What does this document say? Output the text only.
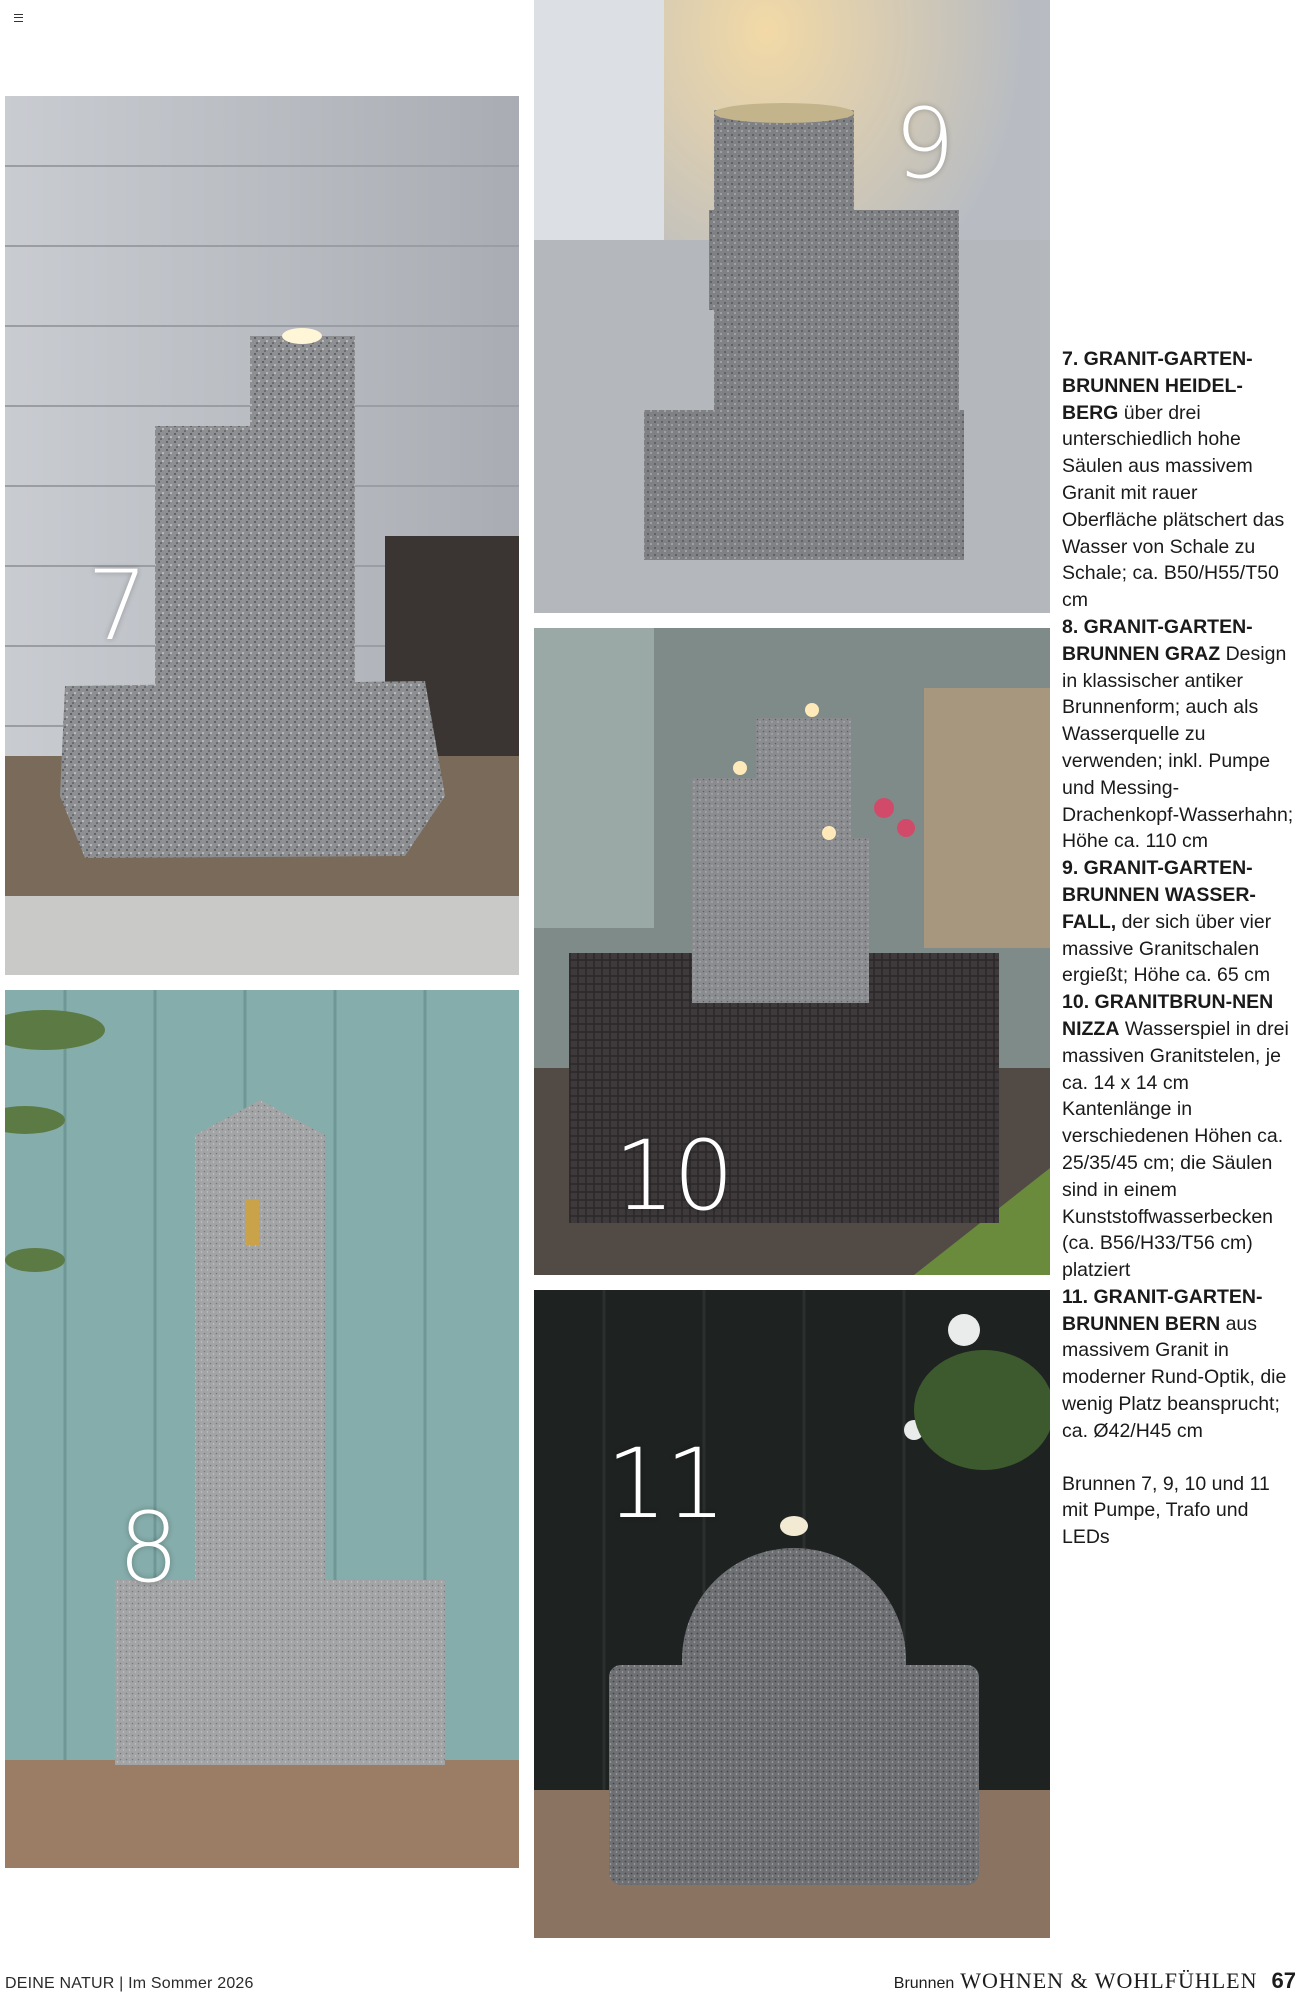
7
8
9
10
11

7. GRANIT-GARTEN-BRUNNEN HEIDEL-BERG über drei unterschiedlich hohe Säulen aus massivem Granit mit rauer Oberfläche plätschert das Wasser von Schale zu Schale; ca. B50/H55/T50 cm

8. GRANIT-GARTEN-BRUNNEN GRAZ Design in klassischer antiker Brunnenform; auch als Wasserquelle zu verwenden; inkl. Pumpe und Messing-Drachenkopf-Wasserhahn; Höhe ca. 110 cm

9. GRANIT-GARTEN-BRUNNEN WASSER-FALL, der sich über vier massive Granitschalen ergießt; Höhe ca. 65 cm

10. GRANITBRUN-NEN NIZZA Wasserspiel in drei massiven Granitstelen, je ca. 14 x 14 cm Kantenlänge in verschiedenen Höhen ca. 25/35/45 cm; die Säulen sind in einem Kunststoffwasserbecken (ca. B56/H33/T56 cm) platziert

11. GRANIT-GARTEN-BRUNNEN BERN aus massivem Granit in moderner Rund-Optik, die wenig Platz beansprucht; ca. Ø42/H45 cm

Brunnen 7, 9, 10 und 11 mit Pumpe, Trafo und LEDs

DEINE NATUR | Im Sommer 2026	Brunnen WOHNEN & WOHLFÜHLEN 67
